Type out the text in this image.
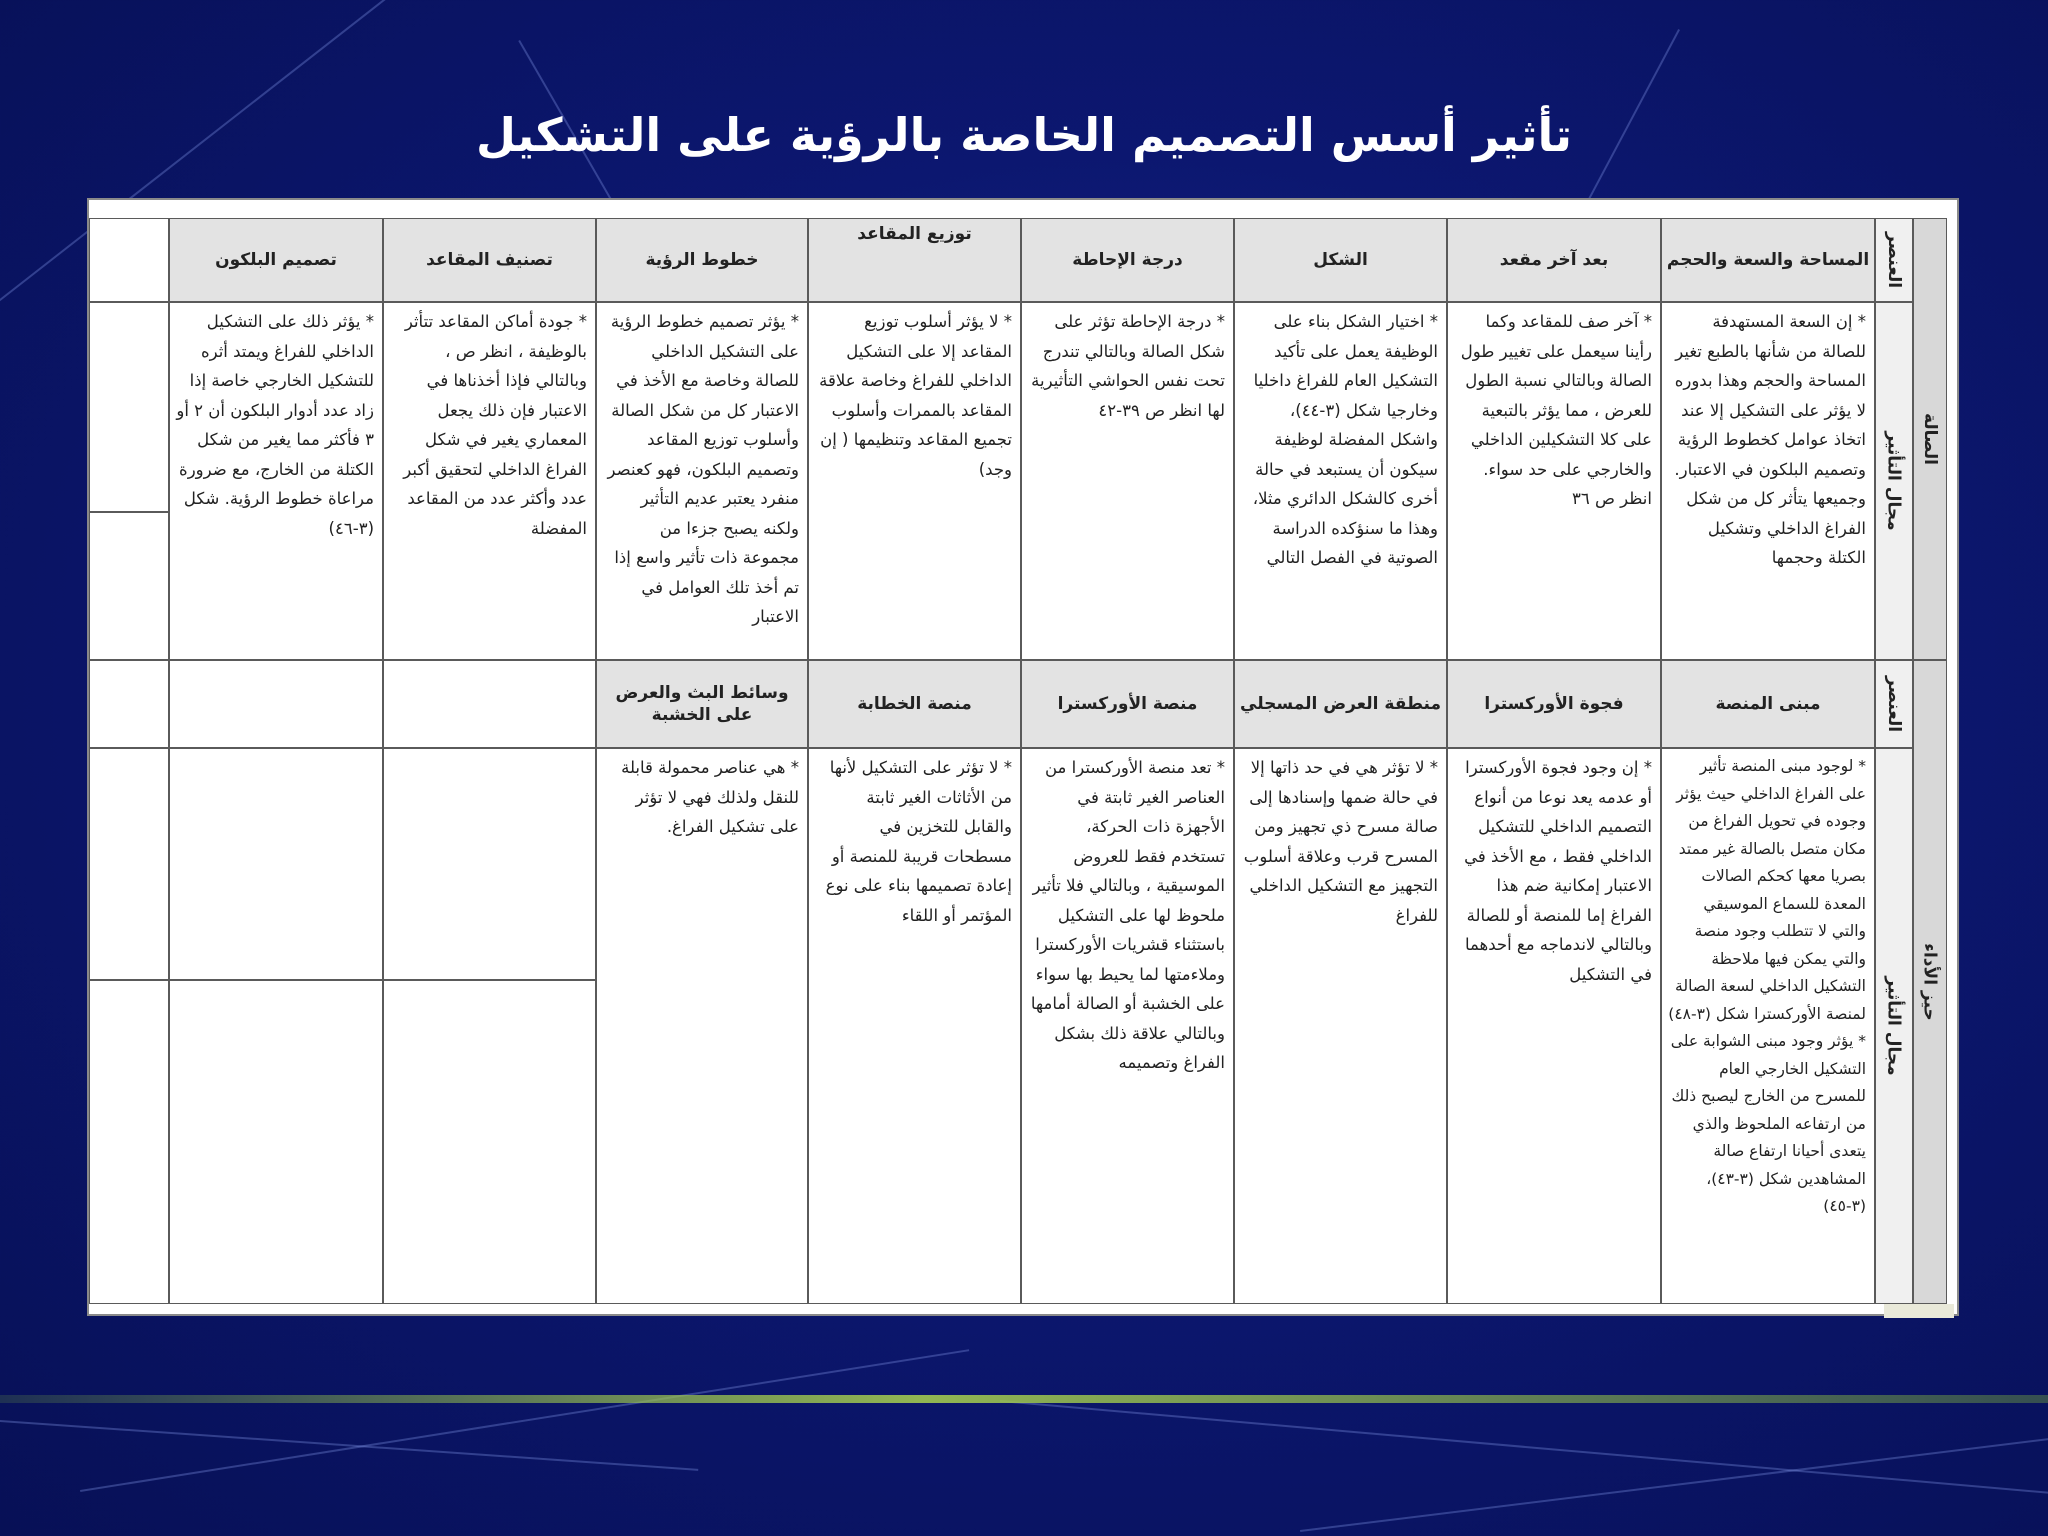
تأثير أسس التصميم الخاصة بالرؤية على التشكيل
الصالة
العنصر
مجال التأثير
حيز الأداء
العنصر
مجال التأثير
المساحة والسعة والحجم
بعد آخر مقعد
الشكل
درجة الإحاطة
توزيع المقاعد
خطوط الرؤية
تصنيف المقاعد
تصميم البلكون
* إن السعة المستهدفة للصالة من شأنها بالطبع تغير المساحة والحجم وهذا بدوره لا يؤثر على التشكيل إلا عند اتخاذ عوامل كخطوط الرؤية وتصميم البلكون في الاعتبار. وجميعها يتأثر كل من شكل الفراغ الداخلي وتشكيل الكتلة وحجمها
* آخر صف للمقاعد وكما رأينا سيعمل على تغيير طول الصالة وبالتالي نسبة الطول للعرض ، مما يؤثر بالتبعية على كلا التشكيلين الداخلي والخارجي على حد سواء. انظر ص ٣٦
* اختيار الشكل بناء على الوظيفة يعمل على تأكيد التشكيل العام للفراغ داخليا وخارجيا شكل (٣-٤٤)، واشكل المفضلة لوظيفة سيكون أن يستبعد في حالة أخرى كالشكل الدائري مثلا، وهذا ما سنؤكده الدراسة الصوتية في الفصل التالي
* درجة الإحاطة تؤثر على شكل الصالة وبالتالي تندرج تحت نفس الحواشي التأثيرية لها انظر ص ٣٩-٤٢
* لا يؤثر أسلوب توزيع المقاعد إلا على التشكيل الداخلي للفراغ وخاصة علاقة المقاعد بالممرات وأسلوب تجميع المقاعد وتنظيمها ( إن وجد)
* يؤثر تصميم خطوط الرؤية على التشكيل الداخلي للصالة وخاصة مع الأخذ في الاعتبار كل من شكل الصالة وأسلوب توزيع المقاعد وتصميم البلكون، فهو كعنصر منفرد يعتبر عديم التأثير ولكنه يصبح جزءا من مجموعة ذات تأثير واسع إذا تم أخذ تلك العوامل في الاعتبار
* جودة أماكن المقاعد تتأثر بالوظيفة ، انظر ص ، وبالتالي فإذا أخذناها في الاعتبار فإن ذلك يجعل المعماري يغير في شكل الفراغ الداخلي لتحقيق أكبر عدد وأكثر عدد من المقاعد المفضلة
* يؤثر ذلك على التشكيل الداخلي للفراغ ويمتد أثره للتشكيل الخارجي خاصة إذا زاد عدد أدوار البلكون أن ٢ أو ٣ فأكثر مما يغير من شكل الكتلة من الخارج، مع ضرورة مراعاة خطوط الرؤية. شكل (٣-٤٦)
مبنى المنصة
فجوة الأوركسترا
منطقة العرض المسجلي
منصة الأوركسترا
منصة الخطابة
وسائط البث والعرض على الخشبة
* لوجود مبنى المنصة تأثير على الفراغ الداخلي حيث يؤثر وجوده في تحويل الفراغ من مكان متصل بالصالة غير ممتد بصريا معها كحكم الصالات المعدة للسماع الموسيقي والتي لا تتطلب وجود منصة والتي يمكن فيها ملاحظة التشكيل الداخلي لسعة الصالة لمنصة الأوركسترا شكل (٣-٤٨) * يؤثر وجود مبنى الشوابة على التشكيل الخارجي العام للمسرح من الخارج ليصبح ذلك من ارتفاعه الملحوظ والذي يتعدى أحيانا ارتفاع صالة المشاهدين شكل (٣-٤٣)، (٣-٤٥)
* إن وجود فجوة الأوركسترا أو عدمه يعد نوعا من أنواع التصميم الداخلي للتشكيل الداخلي فقط ، مع الأخذ في الاعتبار إمكانية ضم هذا الفراغ إما للمنصة أو للصالة وبالتالي لاندماجه مع أحدهما في التشكيل
* لا تؤثر هي في حد ذاتها إلا في حالة ضمها وإسنادها إلى صالة مسرح ذي تجهيز ومن المسرح قرب وعلاقة أسلوب التجهيز مع التشكيل الداخلي للفراغ
* تعد منصة الأوركسترا من العناصر الغير ثابتة في الأجهزة ذات الحركة، تستخدم فقط للعروض الموسيقية ، وبالتالي فلا تأثير ملحوظ لها على التشكيل باستثناء قشريات الأوركسترا وملاءمتها لما يحيط بها سواء على الخشبة أو الصالة أمامها وبالتالي علاقة ذلك بشكل الفراغ وتصميمه
* لا تؤثر على التشكيل لأنها من الأثاثات الغير ثابتة والقابل للتخزين في مسطحات قريبة للمنصة أو إعادة تصميمها بناء على نوع المؤتمر أو اللقاء
* هي عناصر محمولة قابلة للنقل ولذلك فهي لا تؤثر على تشكيل الفراغ.
